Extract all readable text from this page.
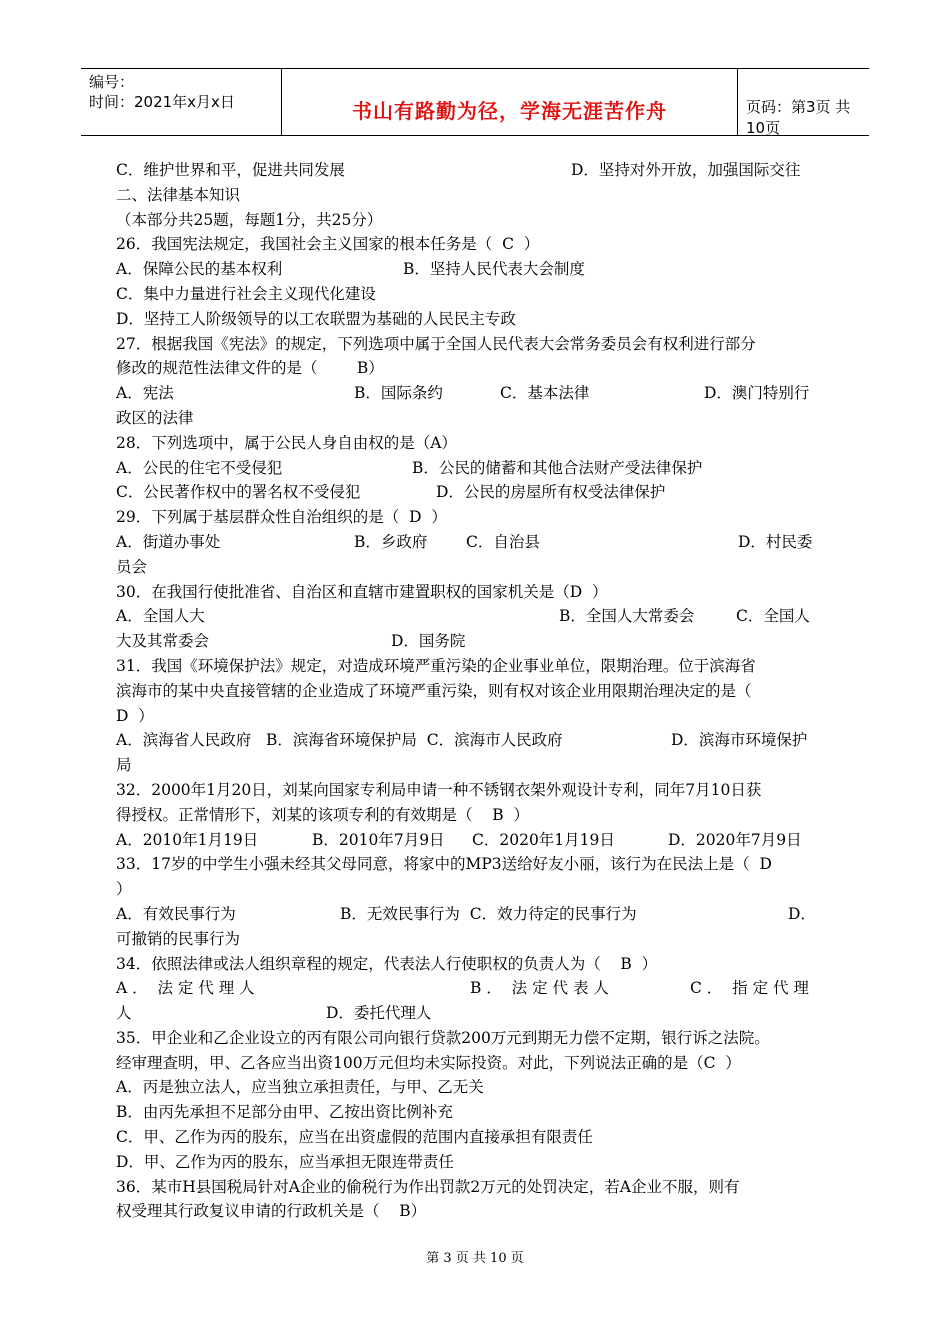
编号：
时间：2021年x月x日	书山有路勤为径，学海无涯苦作舟	页码：第3页 共10页
C．维护世界和平，促进共同发展	D．坚持对外开放，加强国际交往
二、法律基本知识
（本部分共25题，每题1分，共25分）
26．我国宪法规定，我国社会主义国家的根本任务是（  C  ）
A．保障公民的基本权利	B．坚持人民代表大会制度
C．集中力量进行社会主义现代化建设
D．坚持工人阶级领导的以工农联盟为基础的人民民主专政
27．根据我国《宪法》的规定，下列选项中属于全国人民代表大会常务委员会有权利进行部分
修改的规范性法律文件的是（        B）
A．宪法	B．国际条约	C．基本法律	D．澳门特别行
政区的法律
28．下列选项中，属于公民人身自由权的是（A）
A．公民的住宅不受侵犯	B．公民的储蓄和其他合法财产受法律保护
C．公民著作权中的署名权不受侵犯	D．公民的房屋所有权受法律保护
29．下列属于基层群众性自治组织的是（  D  ）
A．街道办事处	B．乡政府 C．自治县	D．村民委
员会
30．在我国行使批准省、自治区和直辖市建置职权的国家机关是（D  ）
A．全国人大	B．全国人大常委会	C．全国人
大及其常委会	D．国务院
31．我国《环境保护法》规定，对造成环境严重污染的企业事业单位，限期治理。位于滨海省
滨海市的某中央直接管辖的企业造成了环境严重污染，则有权对该企业用限期治理决定的是（
D  ）
A．滨海省人民政府   B．滨海省环境保护局  C．滨海市人民政府	D．滨海市环境保护
局
32．2000年1月20日，刘某向国家专利局申请一种不锈钢衣架外观设计专利，同年7月10日获
得授权。正常情形下，刘某的该项专利的有效期是（    B  ）
A．2010年1月19日	B．2010年7月9日 C．2020年1月19日	D．2020年7月9日
33．17岁的中学生小强未经其父母同意，将家中的MP3送给好友小丽，该行为在民法上是（  D
）
A．有效民事行为	B．无效民事行为  C．效力待定的民事行为	D．
可撤销的民事行为
34．依照法律或法人组织章程的规定，代表法人行使职权的负责人为（    B  ）
A ．  法 定 代 理 人	B ．  法 定 代 表 人	C ．  指 定 代 理
人	D．委托代理人
35．甲企业和乙企业设立的丙有限公司向银行贷款200万元到期无力偿不定期，银行诉之法院。
经审理查明，甲、乙各应当出资100万元但均未实际投资。对此，下列说法正确的是（C  ）
A．丙是独立法人，应当独立承担责任，与甲、乙无关
B．由丙先承担不足部分由甲、乙按出资比例补充
C．甲、乙作为丙的股东，应当在出资虚假的范围内直接承担有限责任
D．甲、乙作为丙的股东，应当承担无限连带责任
36．某市H县国税局针对A企业的偷税行为作出罚款2万元的处罚决定，若A企业不服，则有
权受理其行政复议申请的行政机关是（    B）
第 3 页 共 10 页
